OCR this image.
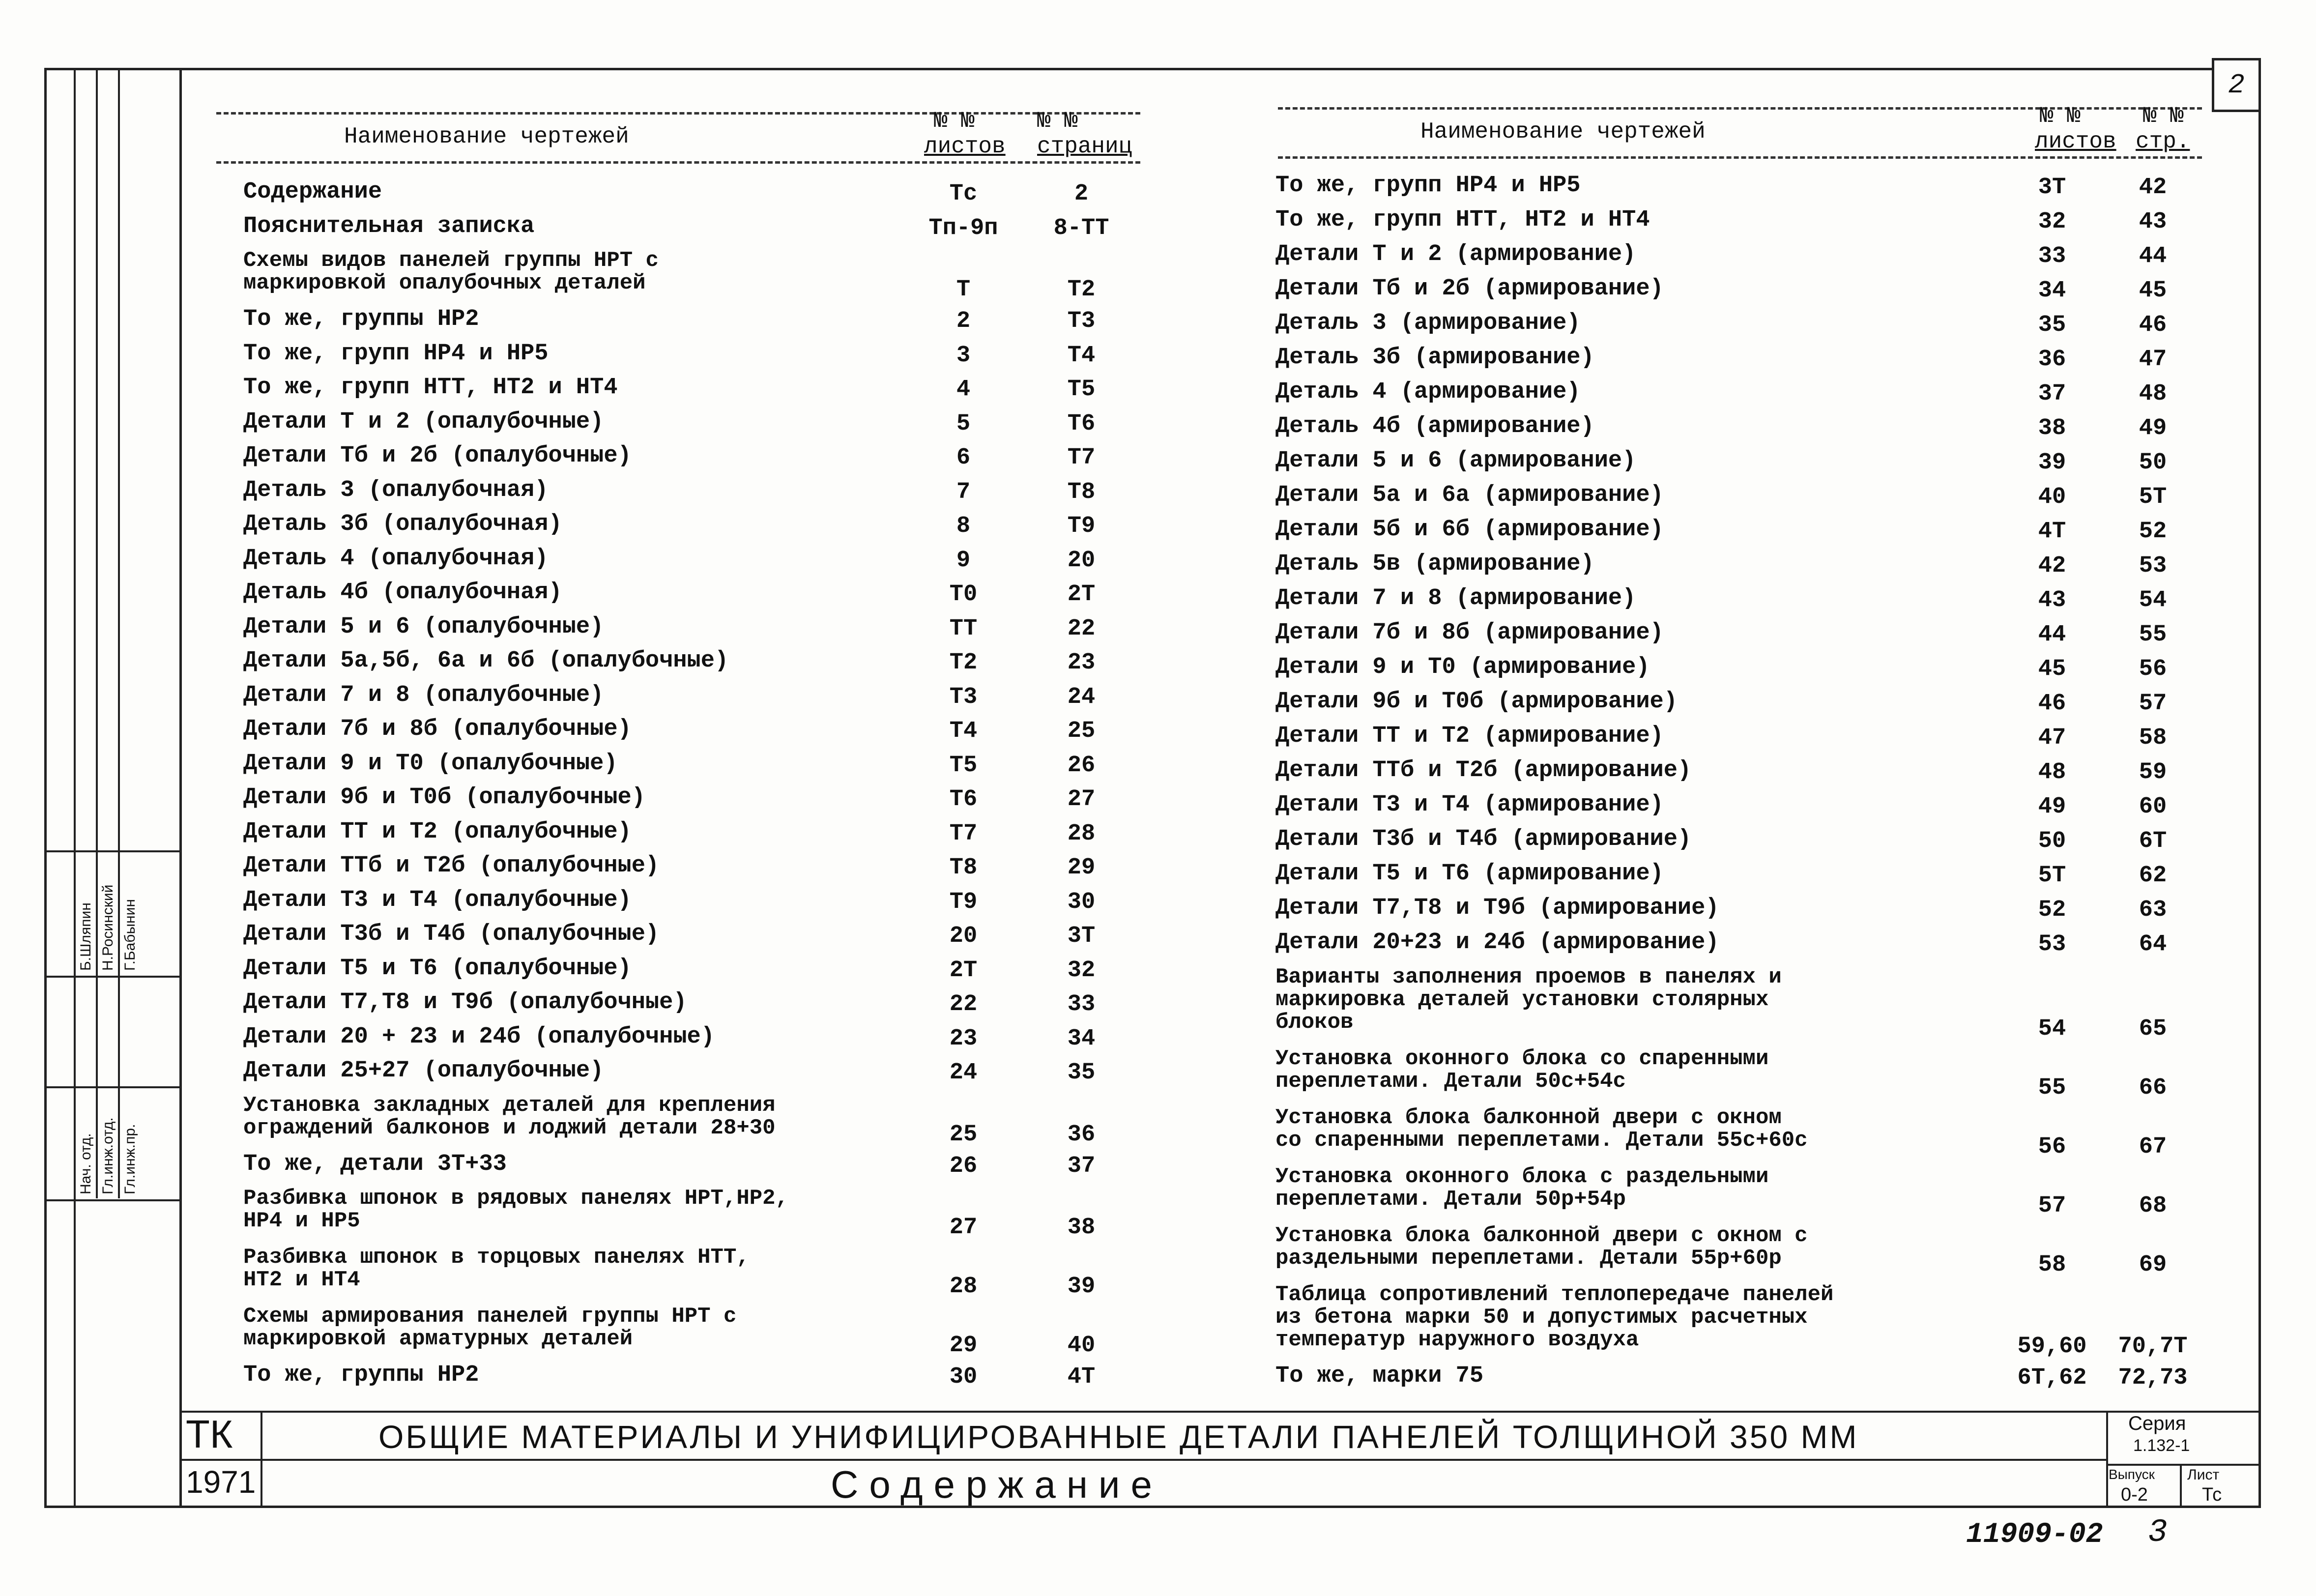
2
Нач. отд. Гл.инж.отд. Гл.инж.пр.
Б.Шляпин Н.Росинский Г.Бабынин
Наименование чертежей
№ №
листов
№ №
страниц
Наименование чертежей
№ №
листов
№ №
стр.
Содержание	Тс	2
Пояснительная записка	Тп-9п	8-ТТ
Схемы видов панелей группы НРТ с
маркировкой опалубочных деталей	Т	Т2
То же, группы НР2	2	Т3
То же, групп НР4 и НР5	3	Т4
То же, групп НТТ, НТ2 и НТ4	4	Т5
Детали Т и 2 (опалубочные)	5	Т6
Детали Тб и 2б (опалубочные)	6	Т7
Деталь 3 (опалубочная)	7	Т8
Деталь 3б (опалубочная)	8	Т9
Деталь 4 (опалубочная)	9	20
Деталь 4б (опалубочная)	Т0	2Т
Детали 5 и 6 (опалубочные)	ТТ	22
Детали 5а,5б, 6а и 6б (опалубочные)	Т2	23
Детали 7 и 8 (опалубочные)	Т3	24
Детали 7б и 8б (опалубочные)	Т4	25
Детали 9 и Т0 (опалубочные)	Т5	26
Детали 9б и Т0б (опалубочные)	Т6	27
Детали ТТ и Т2 (опалубочные)	Т7	28
Детали ТТб и Т2б (опалубочные)	Т8	29
Детали Т3 и Т4 (опалубочные)	Т9	30
Детали Т3б и Т4б (опалубочные)	20	3Т
Детали Т5 и Т6 (опалубочные)	2Т	32
Детали Т7,Т8 и Т9б (опалубочные)	22	33
Детали 20 + 23 и 24б (опалубочные)	23	34
Детали 25+27 (опалубочные)	24	35
Установка закладных деталей для крепления
ограждений балконов и лоджий детали 28+30	25	36
То же, детали 3Т+33	26	37
Разбивка шпонок в рядовых панелях НРТ,НР2,
НР4 и НР5	27	38
Разбивка шпонок в торцовых панелях НТТ,
НТ2 и НТ4	28	39
Схемы армирования панелей группы НРТ с
маркировкой арматурных деталей	29	40
То же, группы НР2	30	4Т
То же, групп НР4 и НР5	3Т	42
То же, групп НТТ, НТ2 и НТ4	32	43
Детали Т и 2 (армирование)	33	44
Детали Тб и 2б (армирование)	34	45
Деталь 3 (армирование)	35	46
Деталь 3б (армирование)	36	47
Деталь 4 (армирование)	37	48
Деталь 4б (армирование)	38	49
Детали 5 и 6 (армирование)	39	50
Детали 5а и 6а (армирование)	40	5Т
Детали 5б и 6б (армирование)	4Т	52
Деталь 5в (армирование)	42	53
Детали 7 и 8 (армирование)	43	54
Детали 7б и 8б (армирование)	44	55
Детали 9 и Т0 (армирование)	45	56
Детали 9б и Т0б (армирование)	46	57
Детали ТТ и Т2 (армирование)	47	58
Детали ТТб и Т2б (армирование)	48	59
Детали Т3 и Т4 (армирование)	49	60
Детали Т3б и Т4б (армирование)	50	6Т
Детали Т5 и Т6 (армирование)	5Т	62
Детали Т7,Т8 и Т9б (армирование)	52	63
Детали 20+23 и 24б (армирование)	53	64
Варианты заполнения проемов в панелях и
маркировка деталей установки столярных
блоков	54	65
Установка оконного блока со спаренными
переплетами. Детали 50с+54с	55	66
Установка блока балконной двери с окном
со спаренными переплетами. Детали 55с+60с	56	67
Установка оконного блока с раздельными
переплетами. Детали 50р+54р	57	68
Установка блока балконной двери с окном с
раздельными переплетами. Детали 55р+60р	58	69
Таблица сопротивлений теплопередаче панелей
из бетона марки 50 и допустимых расчетных
температур наружного воздуха	59,60	70,7Т
То же, марки 75	6Т,62	72,73
ТК
1971
ОБЩИЕ МАТЕРИАЛЫ И УНИФИЦИРОВАННЫЕ ДЕТАЛИ ПАНЕЛЕЙ ТОЛЩИНОЙ 350 ММ
Содержание
Серия
1.132-1
Выпуск
0-2
Лист
Тс
11909-02 3
